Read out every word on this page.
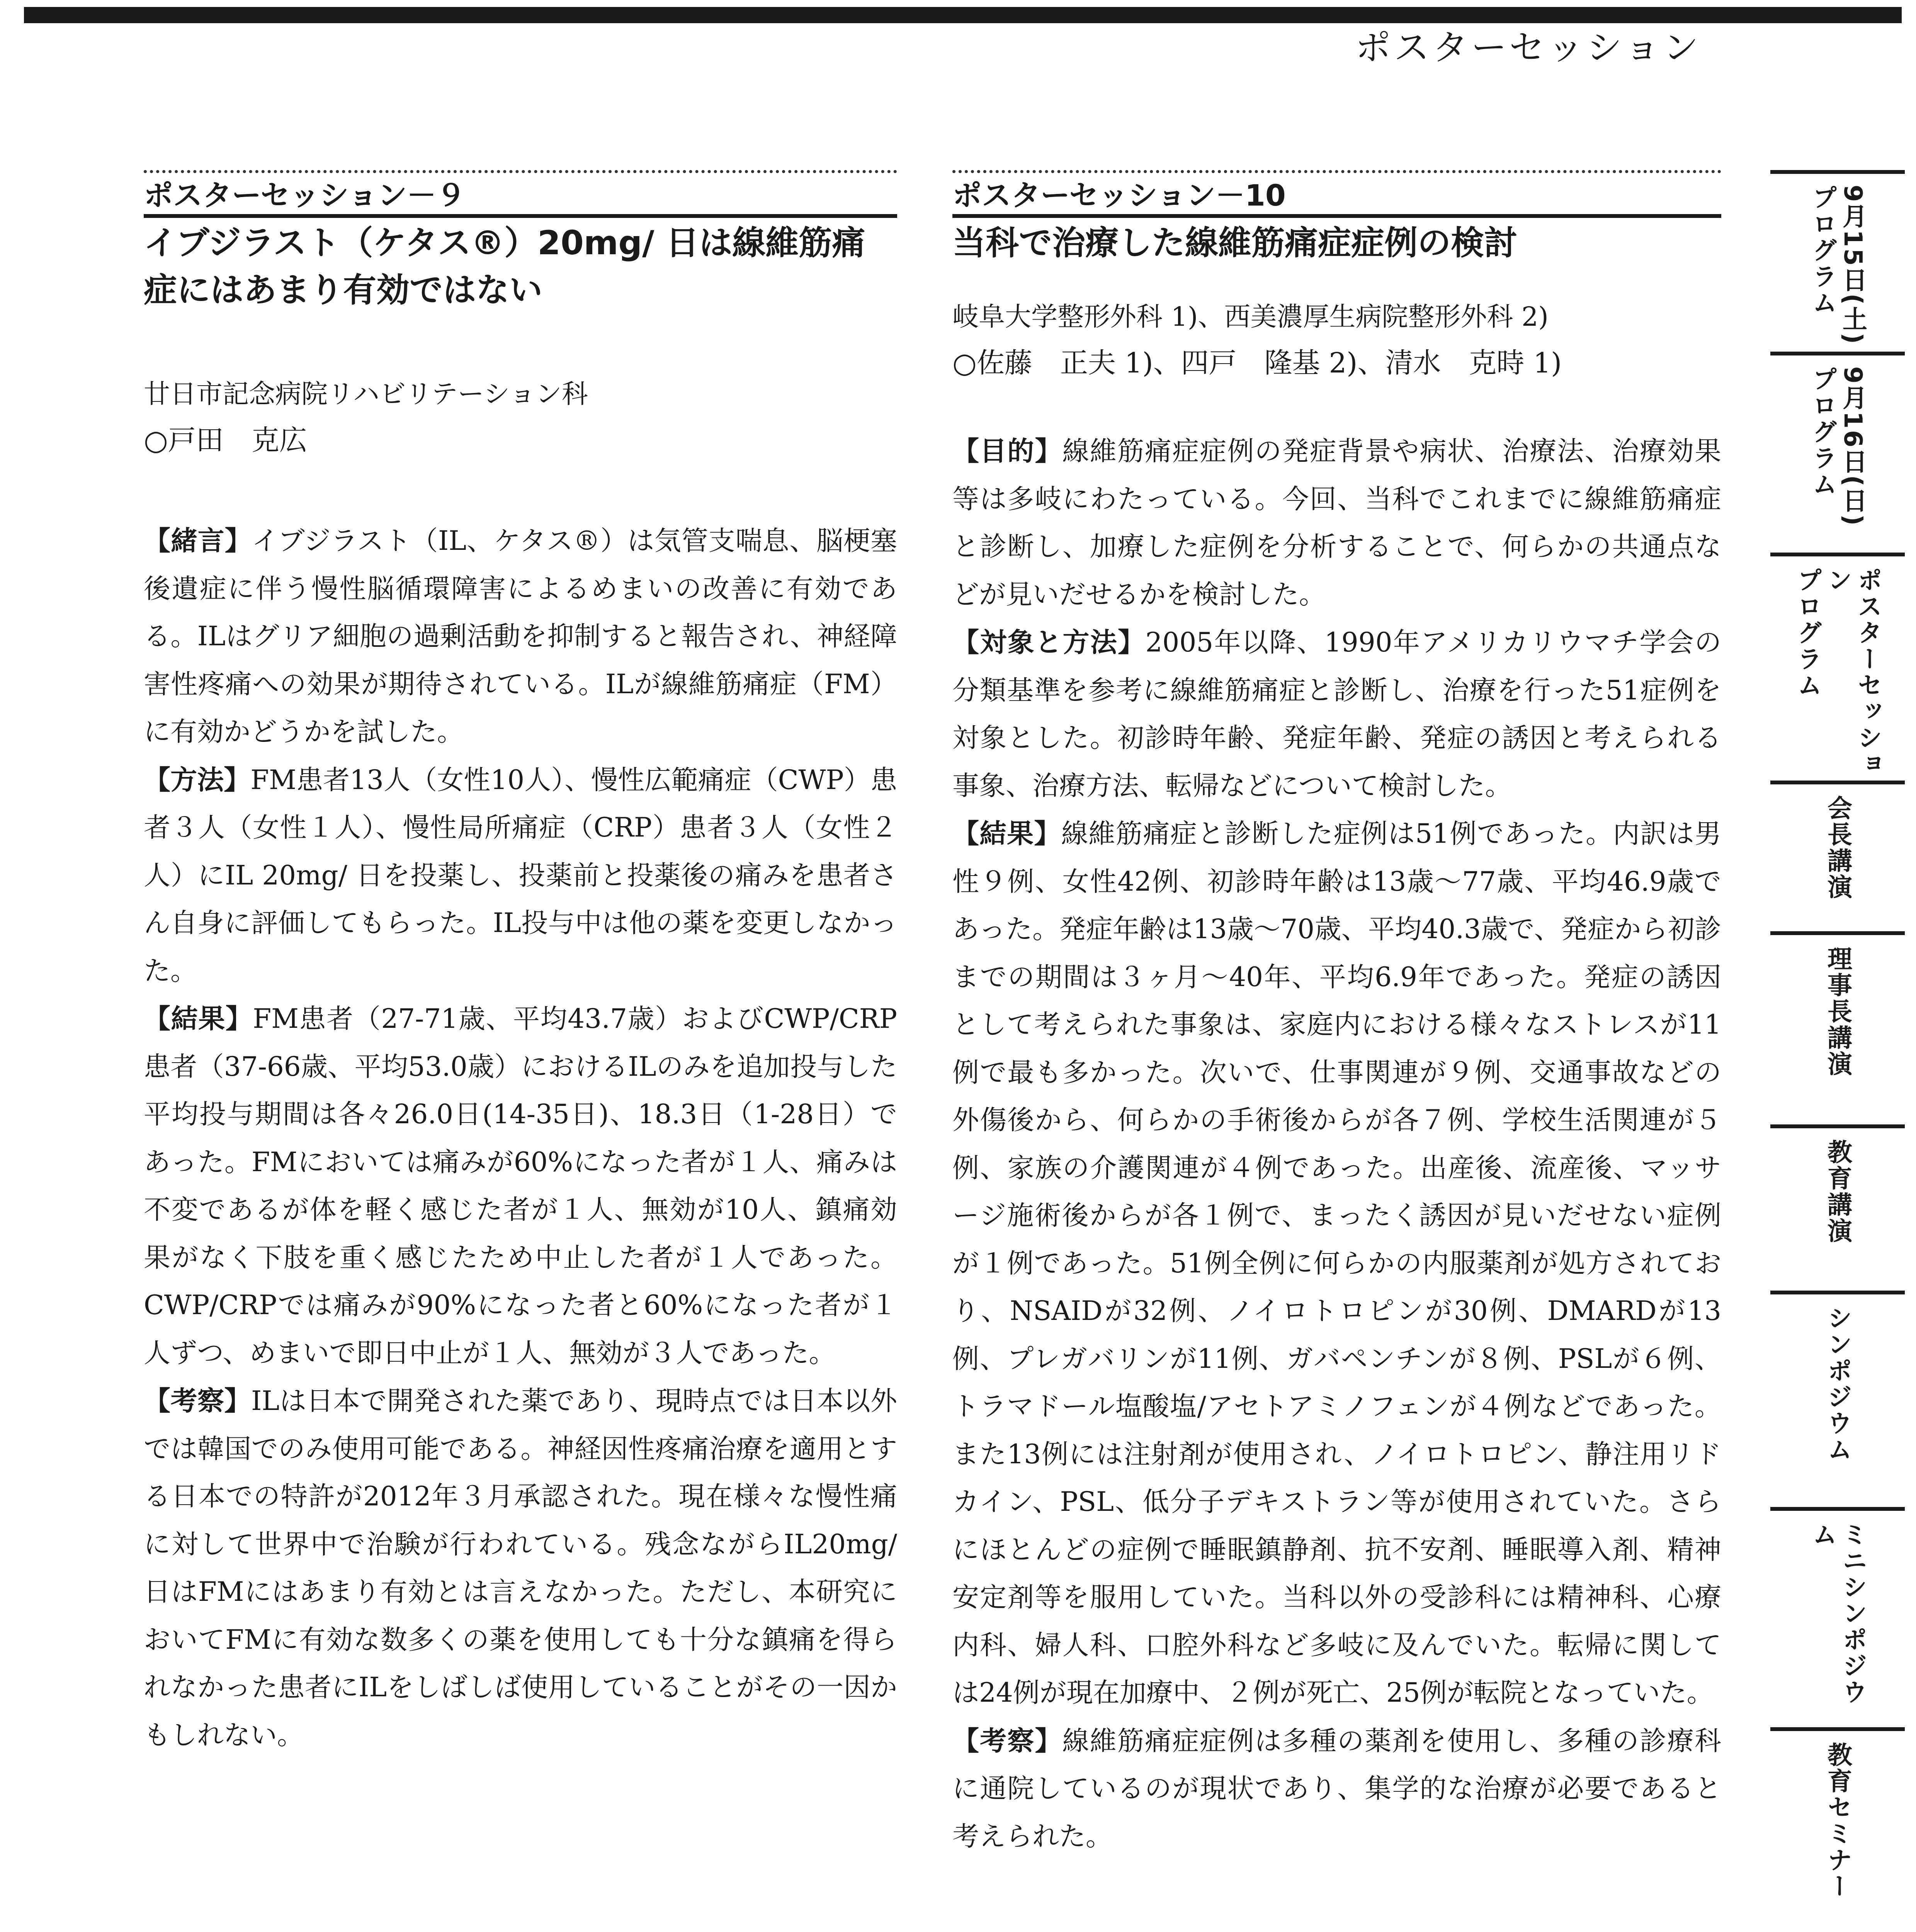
ポスターセッション
ポスターセッション－９
イブジラスト（ケタス®）20mg/ 日は線維筋痛症にはあまり有効ではない
廿日市記念病院リハビリテーション科
○戸田　克広

【緒言】イブジラスト（IL、ケタス®）は気管支喘息、脳梗塞後遺症に伴う慢性脳循環障害によるめまいの改善に有効である。ILはグリア細胞の過剰活動を抑制すると報告され、神経障害性疼痛への効果が期待されている。ILが線維筋痛症（FM）に有効かどうかを試した。

【方法】FM患者13人（女性10人）、慢性広範痛症（CWP）患者３人（女性１人）、慢性局所痛症（CRP）患者３人（女性２人）にIL 20mg/ 日を投薬し、投薬前と投薬後の痛みを患者さん自身に評価してもらった。IL投与中は他の薬を変更しなかった。

【結果】FM患者（27-71歳、平均43.7歳）およびCWP/CRP患者（37-66歳、平均53.0歳）におけるILのみを追加投与した平均投与期間は各々26.0日(14-35日)、18.3日（1-28日）であった。FMにおいては痛みが60%になった者が１人、痛みは不変であるが体を軽く感じた者が１人、無効が10人、鎮痛効果がなく下肢を重く感じたため中止した者が１人であった。CWP/CRPでは痛みが90%になった者と60%になった者が１人ずつ、めまいで即日中止が１人、無効が３人であった。

【考察】ILは日本で開発された薬であり、現時点では日本以外では韓国でのみ使用可能である。神経因性疼痛治療を適用とする日本での特許が2012年３月承認された。現在様々な慢性痛に対して世界中で治験が行われている。残念ながらIL20mg/ 日はFMにはあまり有効とは言えなかった。ただし、本研究においてFMに有効な数多くの薬を使用しても十分な鎮痛を得られなかった患者にILをしばしば使用していることがその一因かもしれない。

ポスターセッション－10
当科で治療した線維筋痛症症例の検討
岐阜大学整形外科 1)、西美濃厚生病院整形外科 2)
○佐藤　正夫 1)、四戸　隆基 2)、清水　克時 1)

【目的】線維筋痛症症例の発症背景や病状、治療法、治療効果等は多岐にわたっている。今回、当科でこれまでに線維筋痛症と診断し、加療した症例を分析することで、何らかの共通点などが見いだせるかを検討した。

【対象と方法】2005年以降、1990年アメリカリウマチ学会の分類基準を参考に線維筋痛症と診断し、治療を行った51症例を対象とした。初診時年齢、発症年齢、発症の誘因と考えられる事象、治療方法、転帰などについて検討した。

【結果】線維筋痛症と診断した症例は51例であった。内訳は男性９例、女性42例、初診時年齢は13歳～77歳、平均46.9歳であった。発症年齢は13歳～70歳、平均40.3歳で、発症から初診までの期間は３ヶ月～40年、平均6.9年であった。発症の誘因として考えられた事象は、家庭内における様々なストレスが11例で最も多かった。次いで、仕事関連が９例、交通事故などの外傷後から、何らかの手術後からが各７例、学校生活関連が５例、家族の介護関連が４例であった。出産後、流産後、マッサージ施術後からが各１例で、まったく誘因が見いだせない症例が１例であった。51例全例に何らかの内服薬剤が処方されており、NSAIDが32例、ノイロトロピンが30例、DMARDが13例、プレガバリンが11例、ガバペンチンが８例、PSLが６例、トラマドール塩酸塩/アセトアミノフェンが４例などであった。また13例には注射剤が使用され、ノイロトロピン、静注用リドカイン、PSL、低分子デキストラン等が使用されていた。さらにほとんどの症例で睡眠鎮静剤、抗不安剤、睡眠導入剤、精神安定剤等を服用していた。当科以外の受診科には精神科、心療内科、婦人科、口腔外科など多岐に及んでいた。転帰に関しては24例が現在加療中、２例が死亡、25例が転院となっていた。

【考察】線維筋痛症症例は多種の薬剤を使用し、多種の診療科に通院しているのが現状であり、集学的な治療が必要であると考えられた。

9月15日(土)
プログラム
9月16日(日)
プログラム
ポスターセッション
プログラム
会長講演
理事長講演
教育講演
シンポジウム
ミニシンポジウム
教育セミナー
